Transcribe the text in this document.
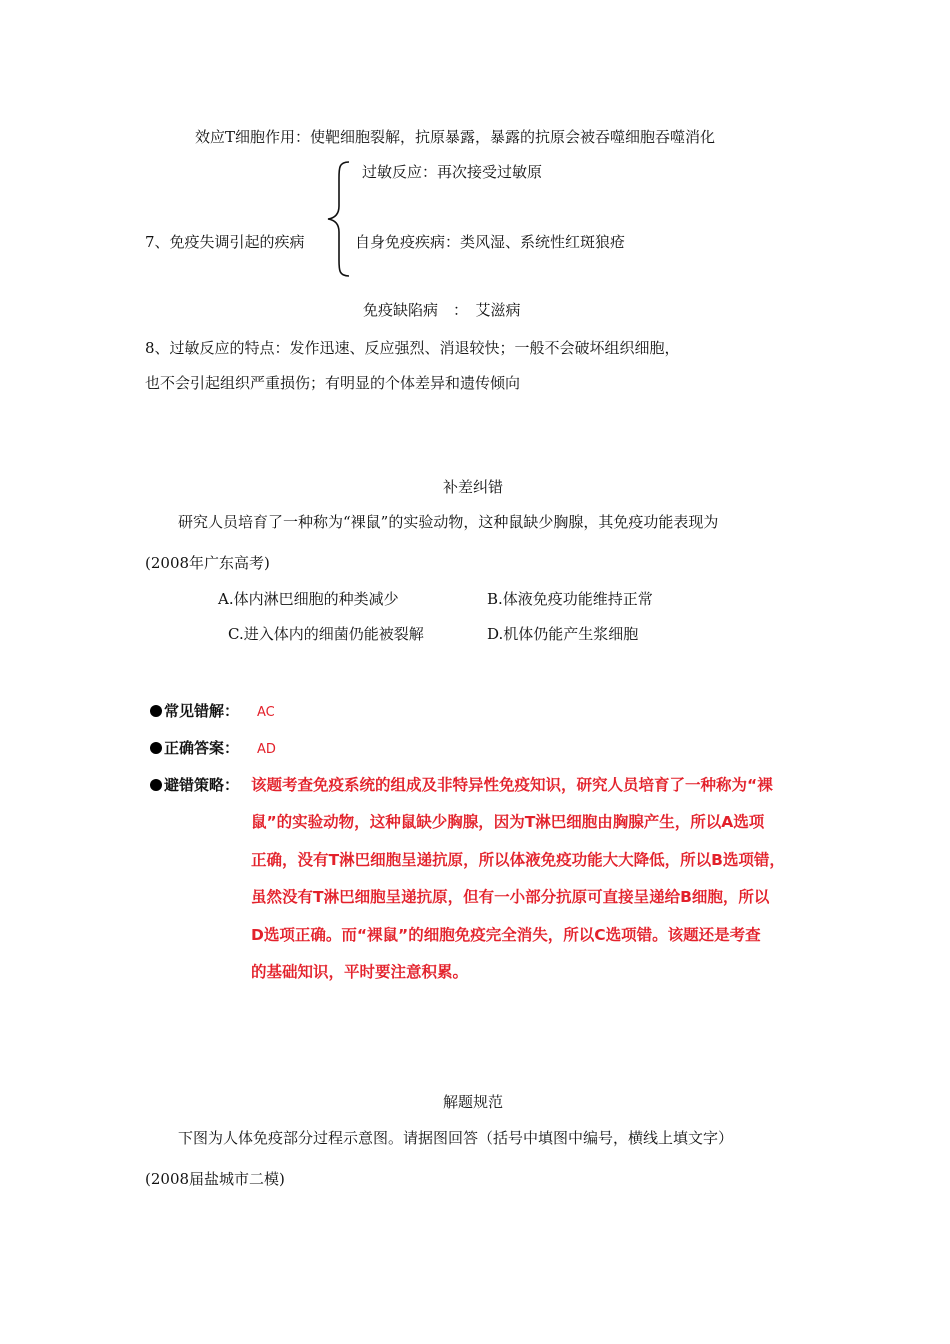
效应T细胞作用：使靶细胞裂解，抗原暴露，暴露的抗原会被吞噬细胞吞噬消化
过敏反应：再次接受过敏原
7、免疫失调引起的疾病	自身免疫疾病：类风湿、系统性红斑狼疮
免疫缺陷病　：　艾滋病
8、过敏反应的特点：发作迅速、反应强烈、消退较快；一般不会破坏组织细胞，
也不会引起组织严重损伤；有明显的个体差异和遗传倾向
补差纠错
研究人员培育了一种称为“裸鼠”的实验动物，这种鼠缺少胸腺，其免疫功能表现为
(2008年广东高考)
A.体内淋巴细胞的种类减少	B.体液免疫功能维持正常
C.进入体内的细菌仍能被裂解	D.机体仍能产生浆细胞
常见错解： AC
正确答案： AD
避错策略： 该题考查免疫系统的组成及非特异性免疫知识，研究人员培育了一种称为“裸
鼠”的实验动物，这种鼠缺少胸腺，因为T淋巴细胞由胸腺产生，所以A选项
正确，没有T淋巴细胞呈递抗原，所以体液免疫功能大大降低，所以B选项错，
虽然没有T淋巴细胞呈递抗原，但有一小部分抗原可直接呈递给B细胞，所以
D选项正确。而“裸鼠”的细胞免疫完全消失，所以C选项错。该题还是考查
的基础知识，平时要注意积累。
解题规范
下图为人体免疫部分过程示意图。请据图回答（括号中填图中编号，横线上填文字）
(2008届盐城市二模)
